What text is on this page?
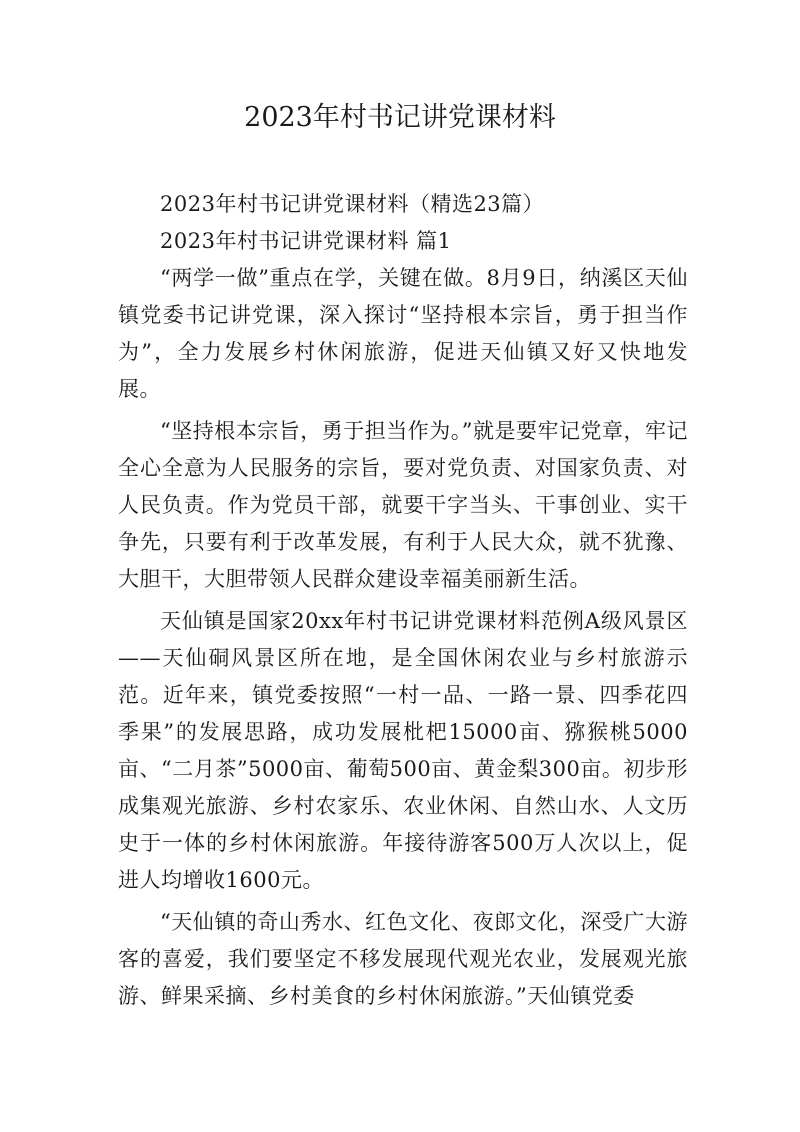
2023年村书记讲党课材料

2023年村书记讲党课材料（精选23篇）

2023年村书记讲党课材料 篇1

“两学一做”重点在学，关键在做。8月9日，纳溪区天仙镇党委书记讲党课，深入探讨“坚持根本宗旨，勇于担当作为”，全力发展乡村休闲旅游，促进天仙镇又好又快地发展。

“坚持根本宗旨，勇于担当作为。”就是要牢记党章，牢记全心全意为人民服务的宗旨，要对党负责、对国家负责、对人民负责。作为党员干部，就要干字当头、干事创业、实干争先，只要有利于改革发展，有利于人民大众，就不犹豫、大胆干，大胆带领人民群众建设幸福美丽新生活。

天仙镇是国家20xx年村书记讲党课材料范例A级风景区——天仙硐风景区所在地，是全国休闲农业与乡村旅游示范。近年来，镇党委按照“一村一品、一路一景、四季花四季果”的发展思路，成功发展枇杷15000亩、猕猴桃5000亩、“二月茶”5000亩、葡萄500亩、黄金梨300亩。初步形成集观光旅游、乡村农家乐、农业休闲、自然山水、人文历史于一体的乡村休闲旅游。年接待游客500万人次以上，促进人均增收1600元。

“天仙镇的奇山秀水、红色文化、夜郎文化，深受广大游客的喜爱，我们要坚定不移发展现代观光农业，发展观光旅游、鲜果采摘、乡村美食的乡村休闲旅游。”天仙镇党委
